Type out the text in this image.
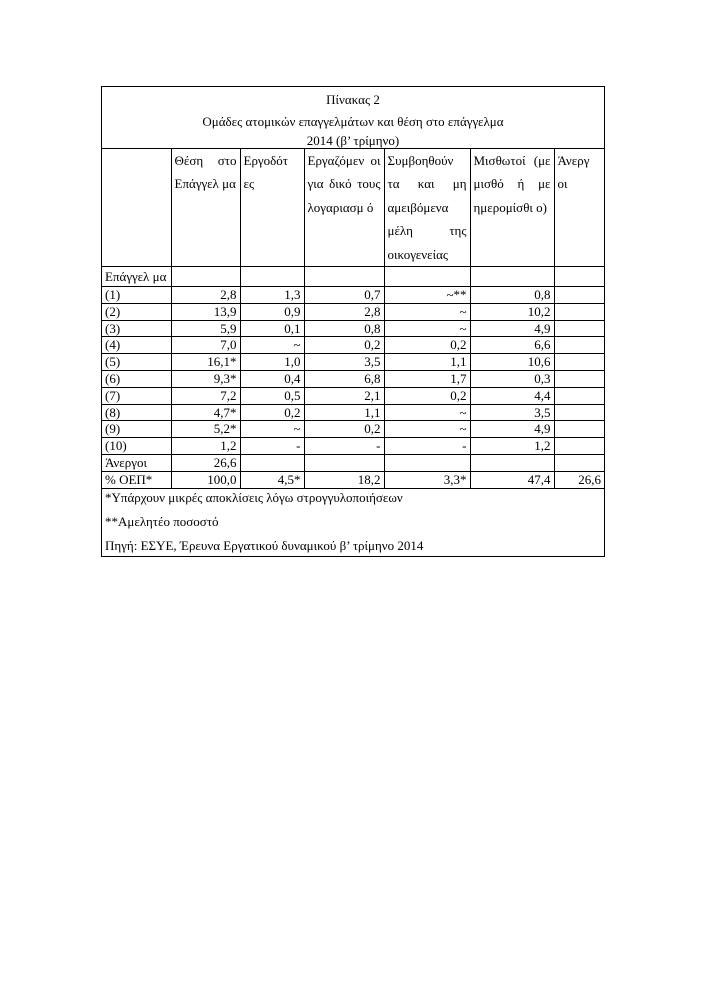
Πίνακας 2
Ομάδες ατομικών επαγγελμάτων και θέση στο επάγγελμα
2014 (β’ τρίμηνο)
	Θέση στο Επάγγελ μα	Εργοδότ ες	Εργαζόμεν οι για δικό τους λογαριασμ ό	Συμβοηθούν τα και μη αμειβόμενα μέλη της οικογενείας	Μισθωτοί (με μισθό ή με ημερομίσθι ο)	Άνεργ οι
Επάγγελ μα						
(1)	2,8	1,3	0,7	~**	0,8	
(2)	13,9	0,9	2,8	~	10,2	
(3)	5,9	0,1	0,8	~	4,9	
(4)	7,0	~	0,2	0,2	6,6	
(5)	16,1*	1,0	3,5	1,1	10,6	
(6)	9,3*	0,4	6,8	1,7	0,3	
(7)	7,2	0,5	2,1	0,2	4,4	
(8)	4,7*	0,2	1,1	~	3,5	
(9)	5,2*	~	0,2	~	4,9	
(10)	1,2	-	-	-	1,2	
Άνεργοι	26,6					
% ΟΕΠ*	100,0	4,5*	18,2	3,3*	47,4	26,6
*Υπάρχουν μικρές αποκλίσεις λόγω στρογγυλοποιήσεων
**Αμελητέο ποσοστό
Πηγή: ΕΣΥΕ, Έρευνα Εργατικού δυναμικού β’ τρίμηνο 2014
